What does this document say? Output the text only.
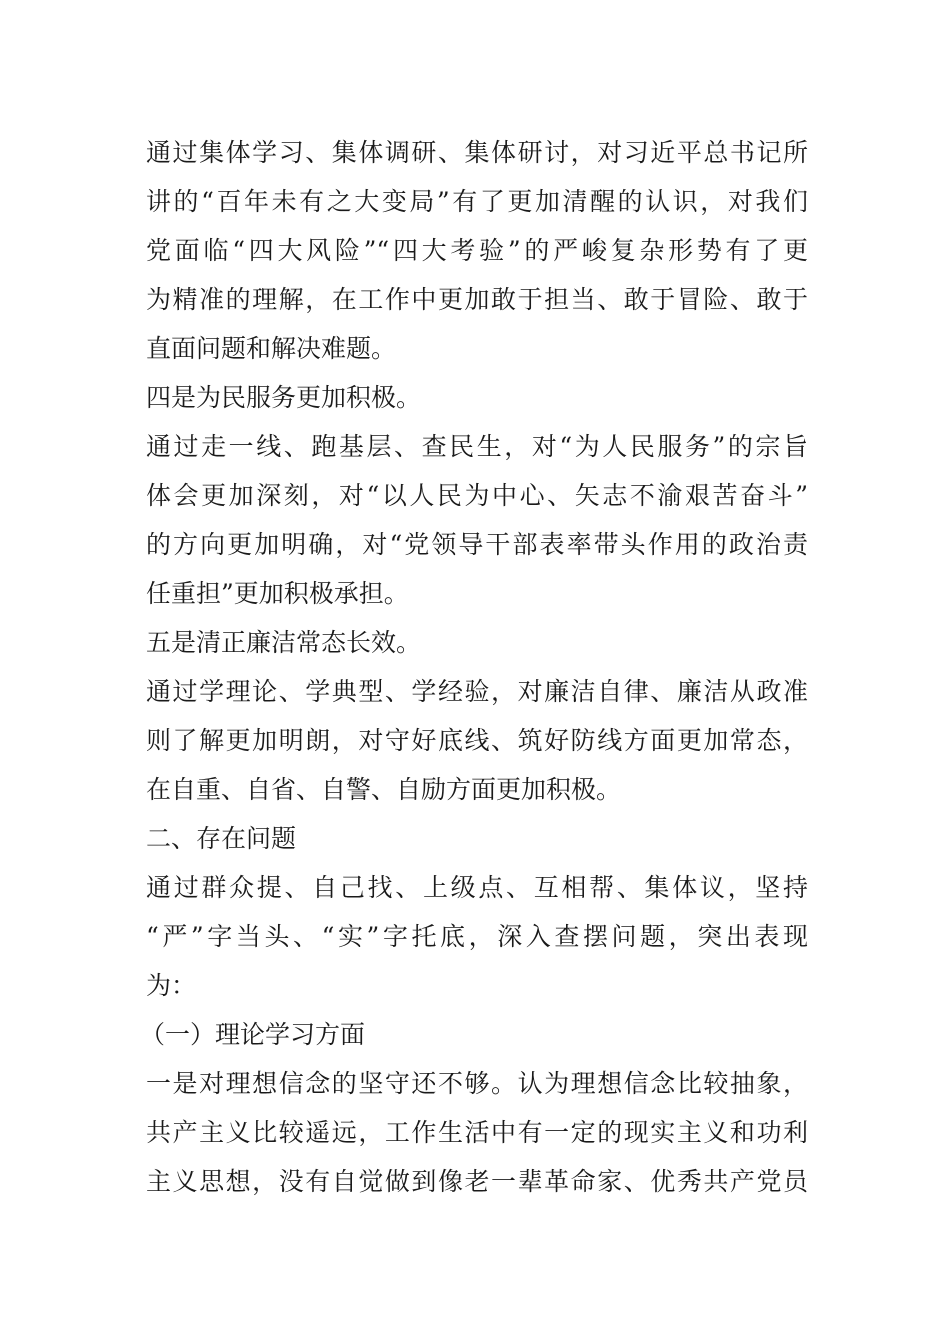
通过集体学习、集体调研、集体研讨，对习近平总书记所
讲的“百年未有之大变局”有了更加清醒的认识，对我们
党面临“四大风险”“四大考验”的严峻复杂形势有了更
为精准的理解，在工作中更加敢于担当、敢于冒险、敢于
直面问题和解决难题。
四是为民服务更加积极。
通过走一线、跑基层、查民生，对“为人民服务”的宗旨
体会更加深刻，对“以人民为中心、矢志不渝艰苦奋斗”
的方向更加明确，对“党领导干部表率带头作用的政治责
任重担”更加积极承担。
五是清正廉洁常态长效。
通过学理论、学典型、学经验，对廉洁自律、廉洁从政准
则了解更加明朗，对守好底线、筑好防线方面更加常态，
在自重、自省、自警、自励方面更加积极。
二、存在问题
通过群众提、自己找、上级点、互相帮、集体议，坚持
“严”字当头、“实”字托底，深入查摆问题，突出表现
为：
（一）理论学习方面
一是对理想信念的坚守还不够。认为理想信念比较抽象，
共产主义比较遥远，工作生活中有一定的现实主义和功利
主义思想，没有自觉做到像老一辈革命家、优秀共产党员
